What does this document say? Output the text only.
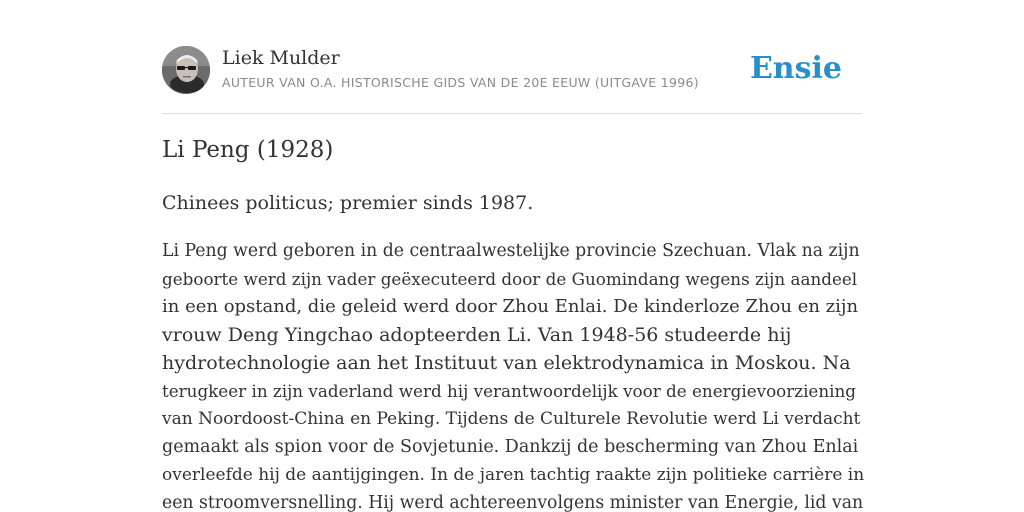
Liek Mulder
AUTEUR VAN O.A. HISTORISCHE GIDS VAN DE 20E EEUW (UITGAVE 1996) Ensie
Li Peng (1928)

Chinees politicus; premier sinds 1987.

Li Peng werd geboren in de centraalwestelijke provincie Szechuan. Vlak na zijn
geboorte werd zijn vader geëxecuteerd door de Guomindang wegens zijn aandeel
in een opstand, die geleid werd door Zhou Enlai. De kinderloze Zhou en zijn
vrouw Deng Yingchao adopteerden Li. Van 1948-56 studeerde hij
hydrotechnologie aan het Instituut van elektrodynamica in Moskou. Na
terugkeer in zijn vaderland werd hij verantwoordelijk voor de energievoorziening
van Noordoost-China en Peking. Tijdens de Culturele Revolutie werd Li verdacht
gemaakt als spion voor de Sovjetunie. Dankzij de bescherming van Zhou Enlai
overleefde hij de aantijgingen. In de jaren tachtig raakte zijn politieke carrière in
een stroomversnelling. Hij werd achtereenvolgens minister van Energie, lid van
